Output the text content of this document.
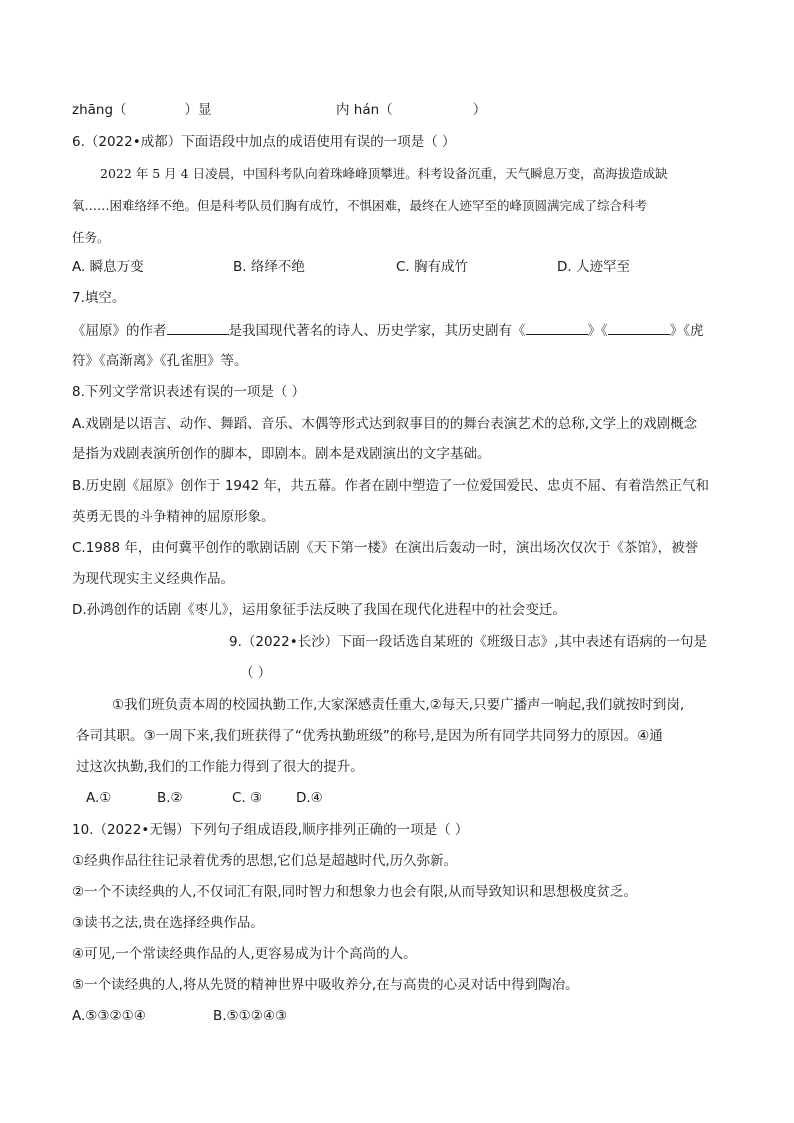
zhāng（	）显	内 hán（	）
6.（2022•成都）下面语段中加点的成语使用有误的一项是（ ）
2022 年 5 月 4 日凌晨，中国科考队向着珠峰峰顶攀进。科考设备沉重，天气瞬息万变，高海拔造成缺
氧……困难络绎不绝。但是科考队员们胸有成竹，不惧困难，最终在人迹罕至的峰顶圆满完成了综合科考
任务。
A. 瞬息万变	B. 络绎不绝	C. 胸有成竹	D. 人迹罕至
7.填空。
《屈原》的作者	是我国现代著名的诗人、历史学家，其历史剧有《	》《	》《虎
符》《高渐离》《孔雀胆》等。
8.下列文学常识表述有误的一项是（ ）
A.戏剧是以语言、动作、舞蹈、音乐、木偶等形式达到叙事目的的舞台表演艺术的总称,文学上的戏剧概念
是指为戏剧表演所创作的脚本，即剧本。剧本是戏剧演出的文字基础。
B.历史剧《屈原》创作于 1942 年，共五幕。作者在剧中塑造了一位爱国爱民、忠贞不屈、有着浩然正气和
英勇无畏的斗争精神的屈原形象。
C.1988 年，由何冀平创作的歌剧话剧《天下第一楼》在演出后轰动一时，演出场次仅次于《茶馆》，被誉
为现代现实主义经典作品。
D.孙鸿创作的话剧《枣儿》，运用象征手法反映了我国在现代化进程中的社会变迁。
9.（2022•长沙）下面一段话选自某班的《班级日志》,其中表述有语病的一句是
（ ）
①我们班负责本周的校园执勤工作,大家深感责任重大,②每天,只要广播声一响起,我们就按时到岗,
各司其职。③一周下来,我们班获得了“优秀执勤班级”的称号,是因为所有同学共同努力的原因。④通
过这次执勤,我们的工作能力得到了很大的提升。
A.①	B.②	C. ③	D.④
10.（2022•无锡）下列句子组成语段,顺序排列正确的一项是（ ）
①经典作品往往记录着优秀的思想,它们总是超越时代,历久弥新。
②一个不读经典的人,不仅词汇有限,同时智力和想象力也会有限,从而导致知识和思想极度贫乏。
③读书之法,贵在选择经典作品。
④可见,一个常读经典作品的人,更容易成为计个高尚的人。
⑤一个读经典的人,将从先贤的精神世界中吸收养分,在与高贵的心灵对话中得到陶冶。
A.⑤③②①④	B.⑤①②④③
